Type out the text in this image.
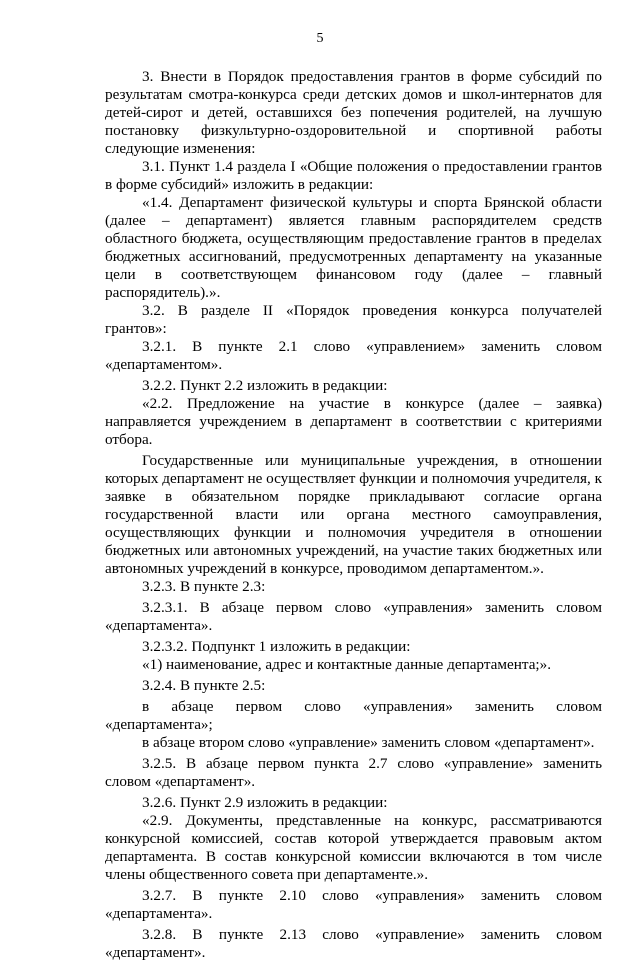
5

3. Внести в Порядок предоставления грантов в форме субсидий по результатам смотра-конкурса среди детских домов и школ-интернатов для детей-сирот и детей, оставшихся без попечения родителей, на лучшую постановку физкультурно-оздоровительной и спортивной работы следующие изменения:

3.1. Пункт 1.4 раздела I «Общие положения о предоставлении грантов в форме субсидий» изложить в редакции:

«1.4. Департамент физической культуры и спорта Брянской области (далее – департамент) является главным распорядителем средств областного бюджета, осуществляющим предоставление грантов в пределах бюджетных ассигнований, предусмотренных департаменту на указанные цели в соответствующем финансовом году (далее – главный распорядитель).».

3.2. В разделе II «Порядок проведения конкурса получателей грантов»:

3.2.1. В пункте 2.1 слово «управлением» заменить словом «департаментом».

3.2.2. Пункт 2.2 изложить в редакции:

«2.2. Предложение на участие в конкурсе (далее – заявка) направляется учреждением в департамент в соответствии с критериями отбора.

Государственные или муниципальные учреждения, в отношении которых департамент не осуществляет функции и полномочия учредителя, к заявке в обязательном порядке прикладывают согласие органа государственной власти или органа местного самоуправления, осуществляющих функции и полномочия учредителя в отношении бюджетных или автономных учреждений, на участие таких бюджетных или автономных учреждений в конкурсе, проводимом департаментом.».

3.2.3. В пункте 2.3:

3.2.3.1. В абзаце первом слово «управления» заменить словом «департамента».

3.2.3.2. Подпункт 1 изложить в редакции:

«1) наименование, адрес и контактные данные департамента;».

3.2.4. В пункте 2.5:

в абзаце первом слово «управления» заменить словом «департамента»;

в абзаце втором слово «управление» заменить словом «департамент».

3.2.5. В абзаце первом пункта 2.7 слово «управление» заменить словом «департамент».

3.2.6. Пункт 2.9 изложить в редакции:

«2.9. Документы, представленные на конкурс, рассматриваются конкурсной комиссией, состав которой утверждается правовым актом департамента. В состав конкурсной комиссии включаются в том числе члены общественного совета при департаменте.».

3.2.7. В пункте 2.10 слово «управления» заменить словом «департамента».

3.2.8. В пункте 2.13 слово «управление» заменить словом «департамент».
